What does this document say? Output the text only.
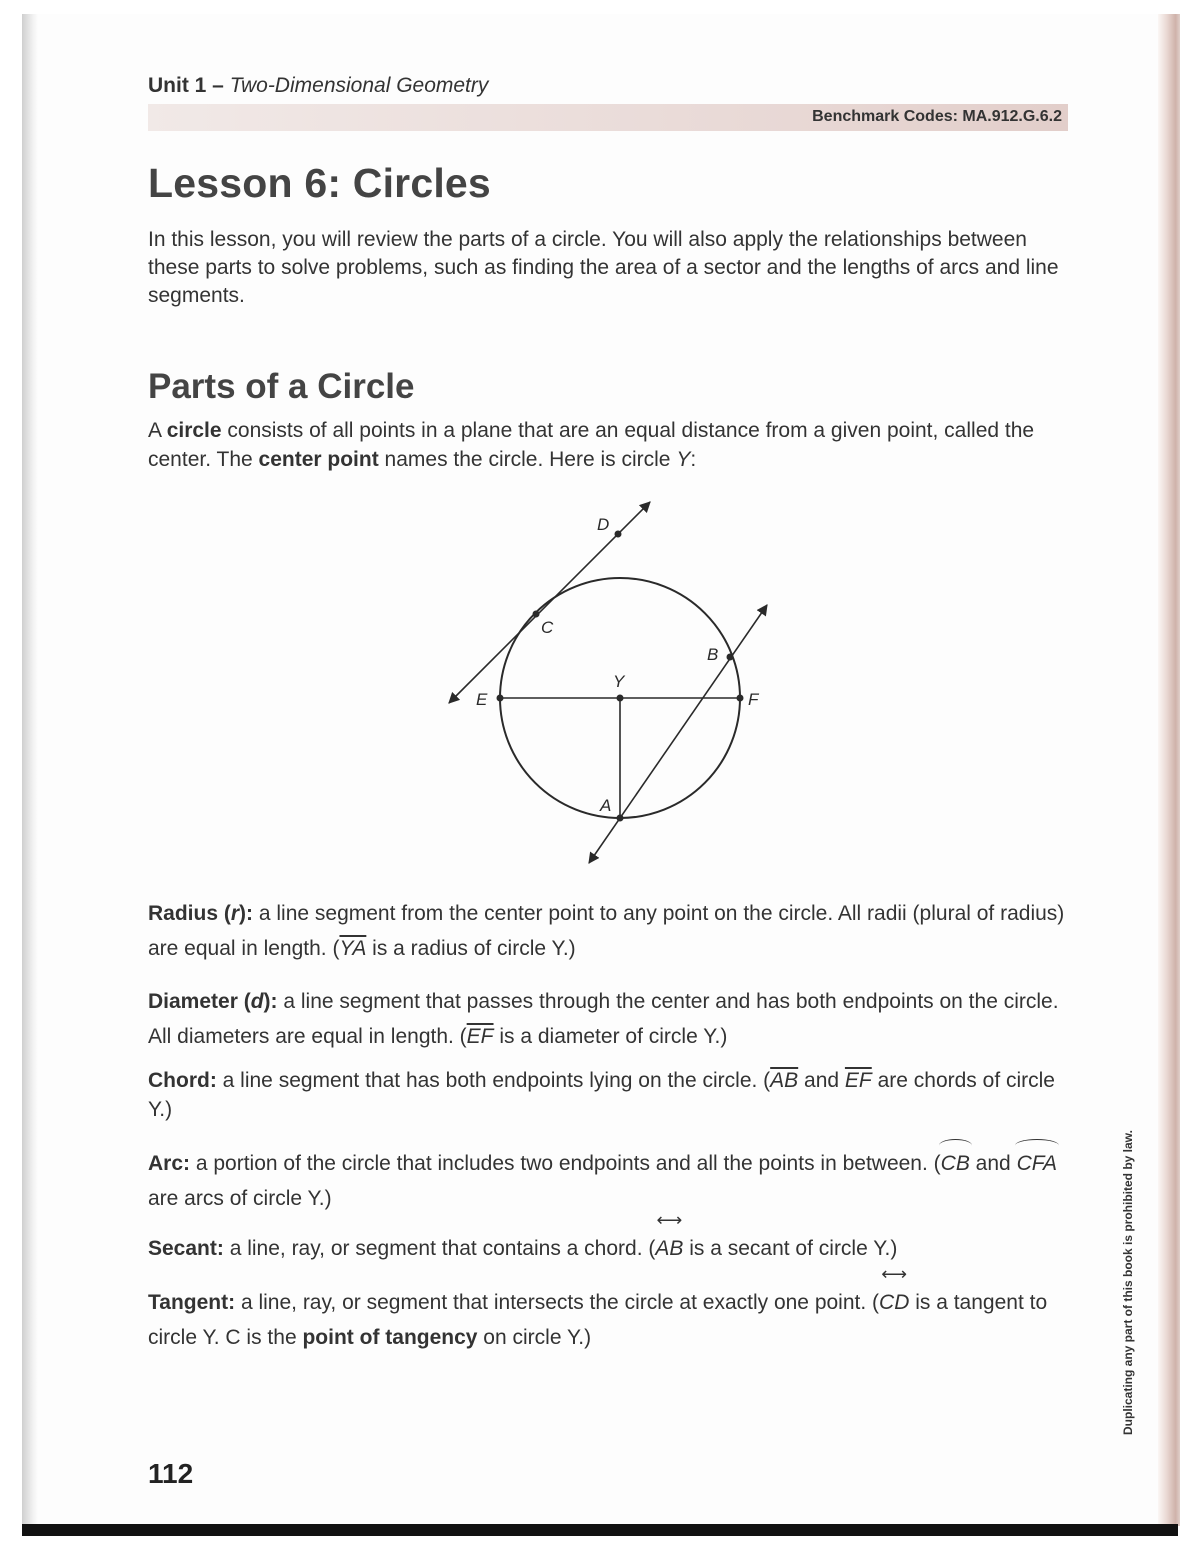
Unit 1 – Two-Dimensional Geometry
Benchmark Codes: MA.912.G.6.2
Lesson 6: Circles

In this lesson, you will review the parts of a circle. You will also apply the relationships between these parts to solve problems, such as finding the area of a sector and the lengths of arcs and line segments.

Parts of a Circle

A circle consists of all points in a plane that are an equal distance from a given point, called the center. The center point names the circle. Here is circle Y:

D
C
B
Y
E	F
A

Radius (r): a line segment from the center point to any point on the circle. All radii (plural of radius) are equal in length. ($\overline{YA}$ is a radius of circle Y.)

Diameter (d): a line segment that passes through the center and has both endpoints on the circle. All diameters are equal in length. ($\overline{EF}$ is a diameter of circle Y.)

Chord: a line segment that has both endpoints lying on the circle. ($\overline{AB}$ and $\overline{EF}$ are chords of circle Y.)

Arc: a portion of the circle that includes two endpoints and all the points in between. (CB and CFA are arcs of circle Y.)

Secant: a line, ray, or segment that contains a chord. (⟷ AB is a secant of circle Y.)

Tangent: a line, ray, or segment that intersects the circle at exactly one point. (⟷ CD is a tangent to circle Y. C is the point of tangency on circle Y.)	Duplicating any part of this book is prohibited by law.

112
